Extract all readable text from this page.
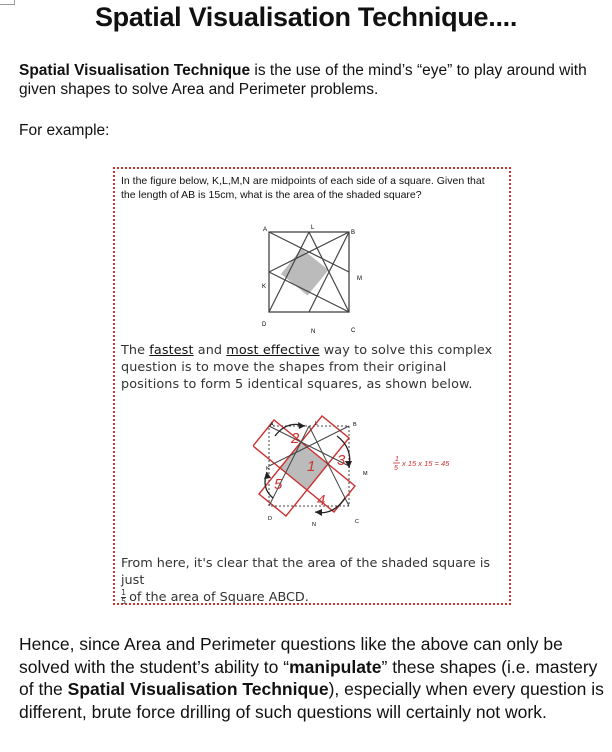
Spatial Visualisation Technique....
Spatial Visualisation Technique is the use of the mind’s “eye” to play around with given shapes to solve Area and Perimeter problems.
For example:
In the figure below, K,L,M,N are midpoints of each side of a square. Given that the length of AB is 15cm, what is the area of the shaded square?
A	L
B
K
M
D
N	C
The fastest and most effective way to solve this complex question is to move the shapes from their original positions to form 5 identical squares, as shown below.
1
2
3
4
5
A	L	B
K
M
D
N	C
1
5
x 15 x 15 = 45
From here, it's clear that the area of the shaded square is just

$\frac{1}{5}$ of the area of Square ABCD.
Hence, since Area and Perimeter questions like the above can only be solved with the student’s ability to “manipulate” these shapes (i.e. mastery of the Spatial Visualisation Technique), especially when every question is different, brute force drilling of such questions will certainly not work.
